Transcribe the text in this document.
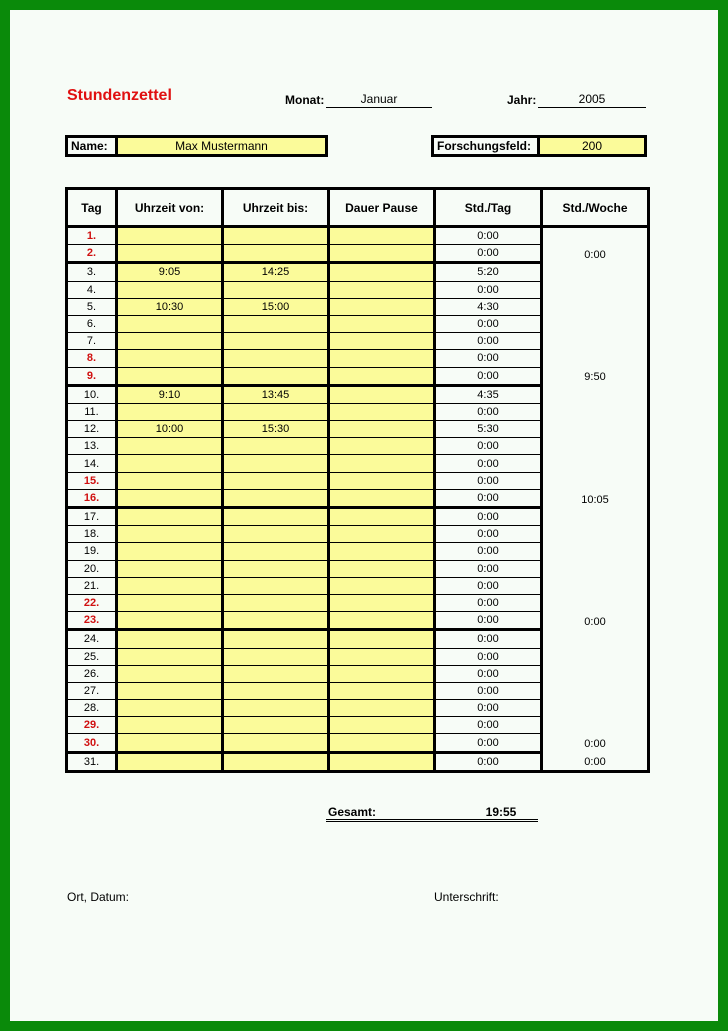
Stundenzettel	Monat:	Januar	Jahr:	2005
Name:	Max Mustermann	Forschungsfeld:	200
Tag	Uhrzeit von:	Uhrzeit bis:	Dauer Pause	Std./Tag	Std./Woche
1.				0:00	0:00
2.				0:00	
3.	9:05	14:25		5:20	9:50
4.				0:00	
5.	10:30	15:00		4:30	
6.				0:00	
7.				0:00	
8.				0:00	
9.				0:00	
10.	9:10	13:45		4:35	10:05
11.				0:00	
12.	10:00	15:30		5:30	
13.				0:00	
14.				0:00	
15.				0:00	
16.				0:00	
17.				0:00	0:00
18.				0:00	
19.				0:00	
20.				0:00	
21.				0:00	
22.				0:00	
23.				0:00	
24.				0:00	0:00
25.				0:00	
26.				0:00	
27.				0:00	
28.				0:00	
29.				0:00	
30.				0:00	
31.				0:00	0:00
Gesamt:	19:55
Ort, Datum:	Unterschrift:
